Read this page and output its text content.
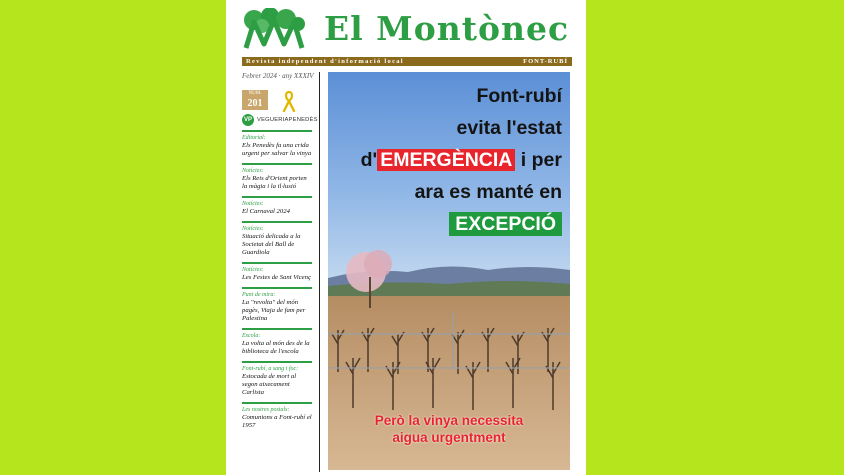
El Montònec
Revista independent d'informació local	FONT-RUBÍ
Febrer 2024 · any XXXIV
NÚM.
201
VP VEGUERIAPENEDÈS
Editorial:
Els Penedès fa una crida urgent per salvar la vinya
Notícies:
Els Reis d'Orient porten la màgia i la il·lusió
Notícies:
El Carnaval 2024
Notícies:
Situació delicada a la Societat del Ball de Guardiola
Notícies:
Les Festes de Sant Vicenç
Punt de mira:
La "revolta" del món pagès, Viaja de fam per Palestina
Escola:
La volta al món des de la biblioteca de l'escola
Font-rubí, a sang i foc:
Estocada de mort al segon aixecament Carlista
Les nostres postals:
Comunions a Font-rubí el 1957
Font-rubí
evita l'estat
d' EMERGÈNCIA i per
ara es manté en
EXCEPCIÓ
Però la vinya necessita
aigua urgentment
